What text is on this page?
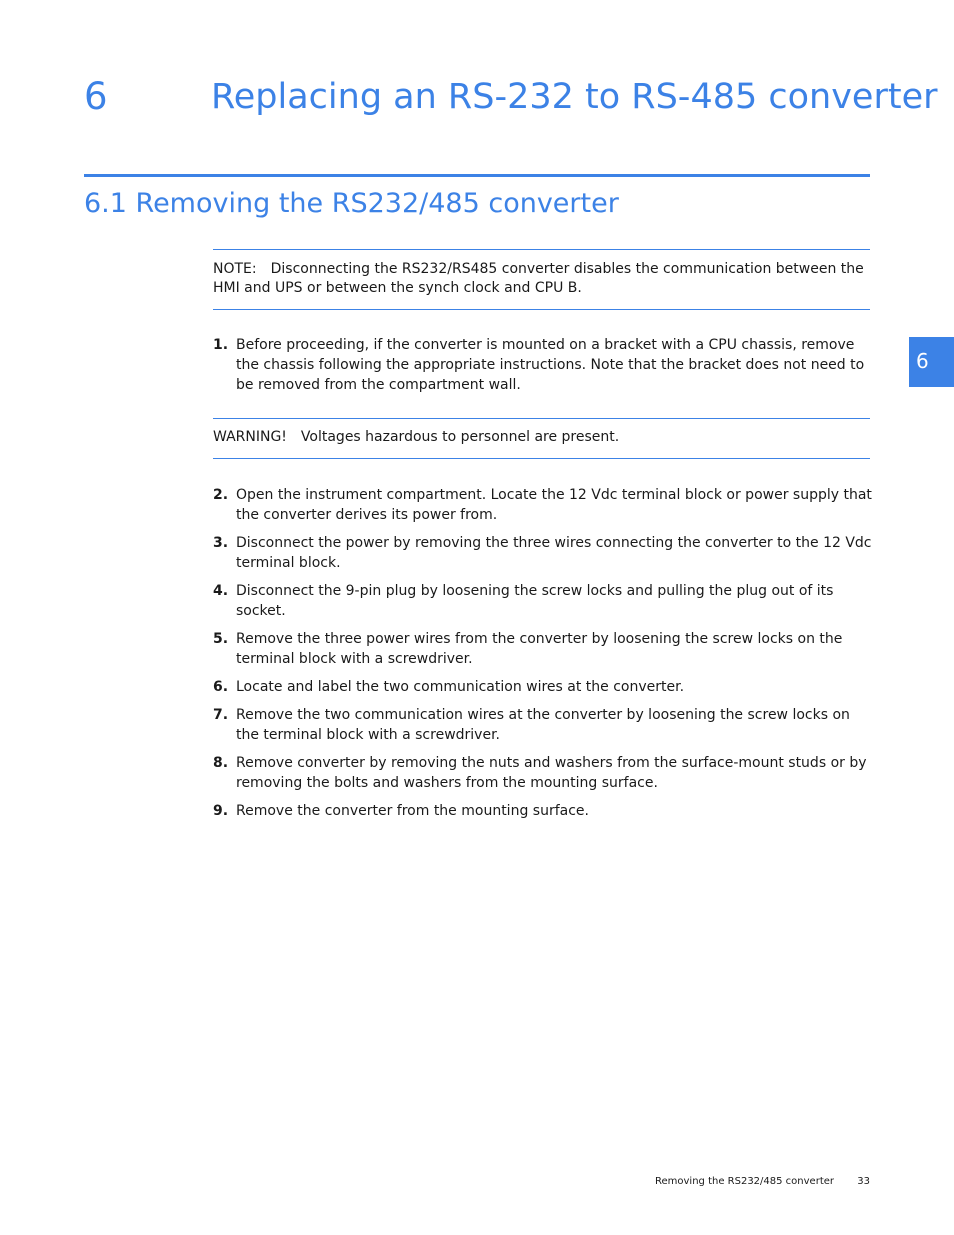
6	Replacing an RS-232 to RS-485 converter
6.1 Removing the RS232/485 converter
NOTE: Disconnecting the RS232/RS485 converter disables the communication between the HMI and UPS or between the synch clock and CPU B.
1. Before proceeding, if the converter is mounted on a bracket with a CPU chassis, remove the chassis following the appropriate instructions. Note that the bracket does not need to be removed from the compartment wall.
WARNING! Voltages hazardous to personnel are present.
2. Open the instrument compartment. Locate the 12 Vdc terminal block or power supply that the converter derives its power from.
3. Disconnect the power by removing the three wires connecting the converter to the 12 Vdc terminal block.
4. Disconnect the 9-pin plug by loosening the screw locks and pulling the plug out of its socket.
5. Remove the three power wires from the converter by loosening the screw locks on the terminal block with a screwdriver.
6. Locate and label the two communication wires at the converter.
7. Remove the two communication wires at the converter by loosening the screw locks on the terminal block with a screwdriver.
8. Remove converter by removing the nuts and washers from the surface-mount studs or by removing the bolts and washers from the mounting surface.
9. Remove the converter from the mounting surface.
6
Removing the RS232/485 converter 33
